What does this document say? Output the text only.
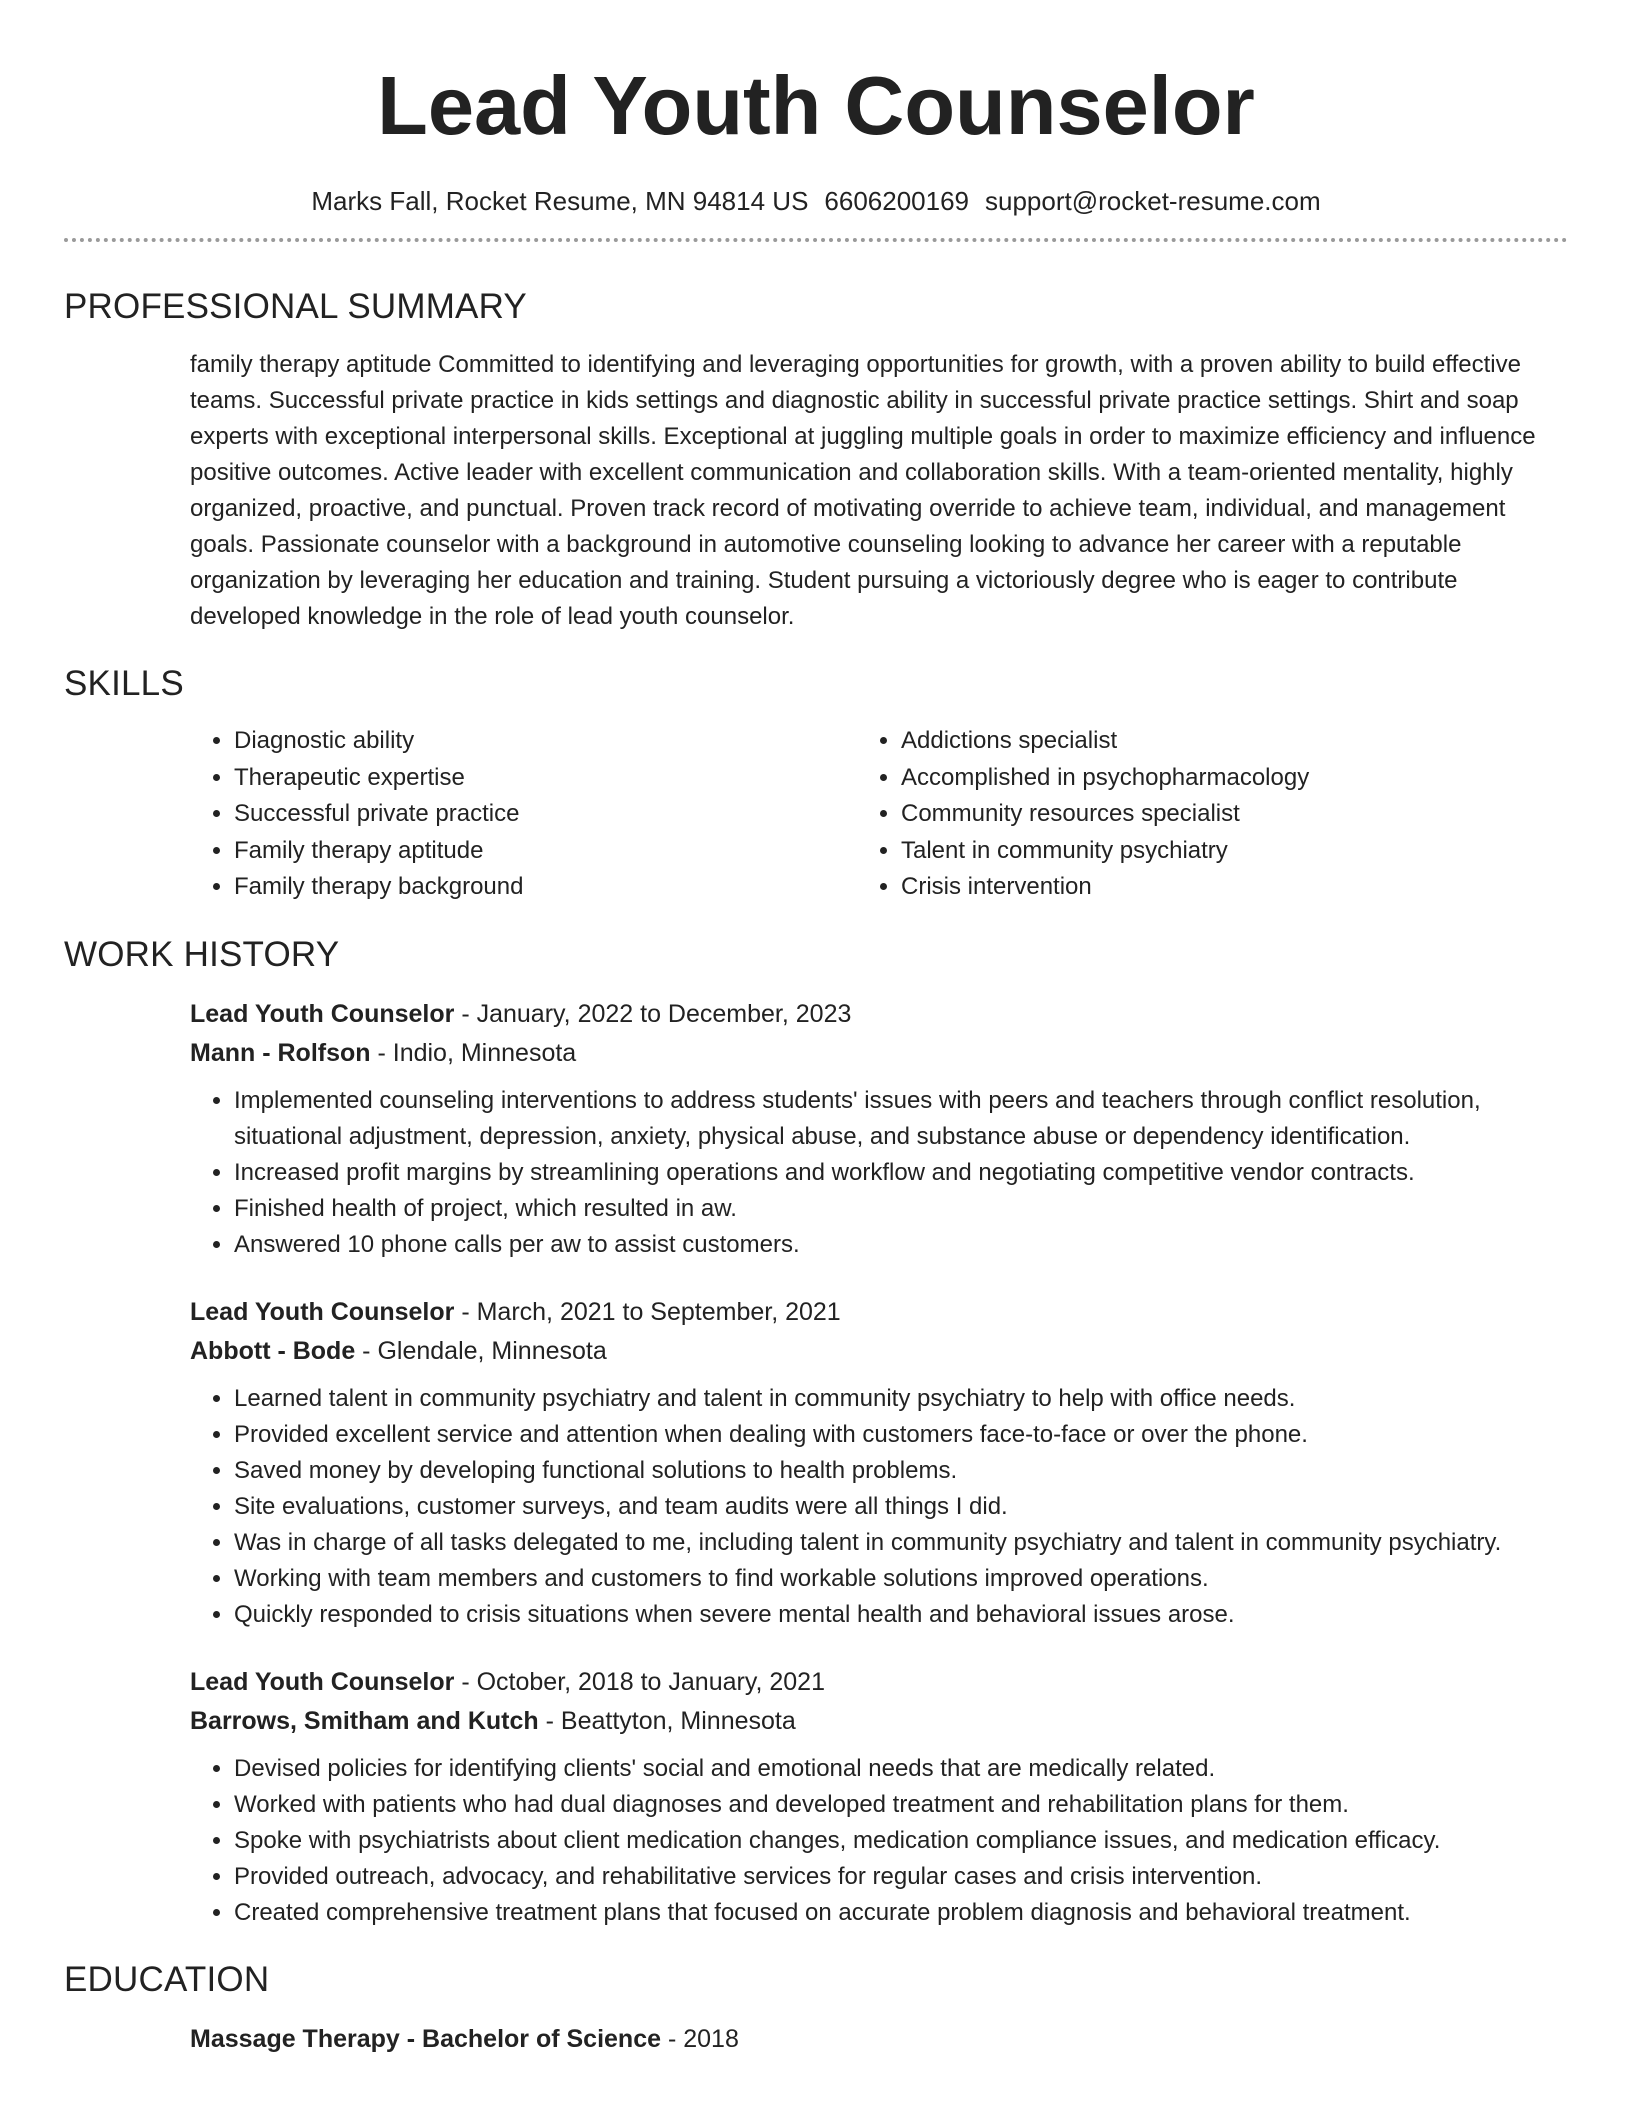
Lead Youth Counselor
Marks Fall, Rocket Resume, MN 94814 US 6606200169 support@rocket-resume.com
PROFESSIONAL SUMMARY

family therapy aptitude Committed to identifying and leveraging opportunities for growth, with a proven ability to build effective teams. Successful private practice in kids settings and diagnostic ability in successful private practice settings. Shirt and soap experts with exceptional interpersonal skills. Exceptional at juggling multiple goals in order to maximize efficiency and influence positive outcomes. Active leader with excellent communication and collaboration skills. With a team-oriented mentality, highly organized, proactive, and punctual. Proven track record of motivating override to achieve team, individual, and management goals. Passionate counselor with a background in automotive counseling looking to advance her career with a reputable organization by leveraging her education and training. Student pursuing a victoriously degree who is eager to contribute developed knowledge in the role of lead youth counselor.

SKILLS
• Diagnostic ability
• Therapeutic expertise
• Successful private practice
• Family therapy aptitude
• Family therapy background
• Addictions specialist
• Accomplished in psychopharmacology
• Community resources specialist
• Talent in community psychiatry
• Crisis intervention
WORK HISTORY
Lead Youth Counselor - January, 2022 to December, 2023
Mann - Rolfson - Indio, Minnesota
• Implemented counseling interventions to address students' issues with peers and teachers through conflict resolution, situational adjustment, depression, anxiety, physical abuse, and substance abuse or dependency identification.
• Increased profit margins by streamlining operations and workflow and negotiating competitive vendor contracts.
• Finished health of project, which resulted in aw.
• Answered 10 phone calls per aw to assist customers.
Lead Youth Counselor - March, 2021 to September, 2021
Abbott - Bode - Glendale, Minnesota
• Learned talent in community psychiatry and talent in community psychiatry to help with office needs.
• Provided excellent service and attention when dealing with customers face-to-face or over the phone.
• Saved money by developing functional solutions to health problems.
• Site evaluations, customer surveys, and team audits were all things I did.
• Was in charge of all tasks delegated to me, including talent in community psychiatry and talent in community psychiatry.
• Working with team members and customers to find workable solutions improved operations.
• Quickly responded to crisis situations when severe mental health and behavioral issues arose.
Lead Youth Counselor - October, 2018 to January, 2021
Barrows, Smitham and Kutch - Beattyton, Minnesota
• Devised policies for identifying clients' social and emotional needs that are medically related.
• Worked with patients who had dual diagnoses and developed treatment and rehabilitation plans for them.
• Spoke with psychiatrists about client medication changes, medication compliance issues, and medication efficacy.
• Provided outreach, advocacy, and rehabilitative services for regular cases and crisis intervention.
• Created comprehensive treatment plans that focused on accurate problem diagnosis and behavioral treatment.
EDUCATION
Massage Therapy - Bachelor of Science - 2018
